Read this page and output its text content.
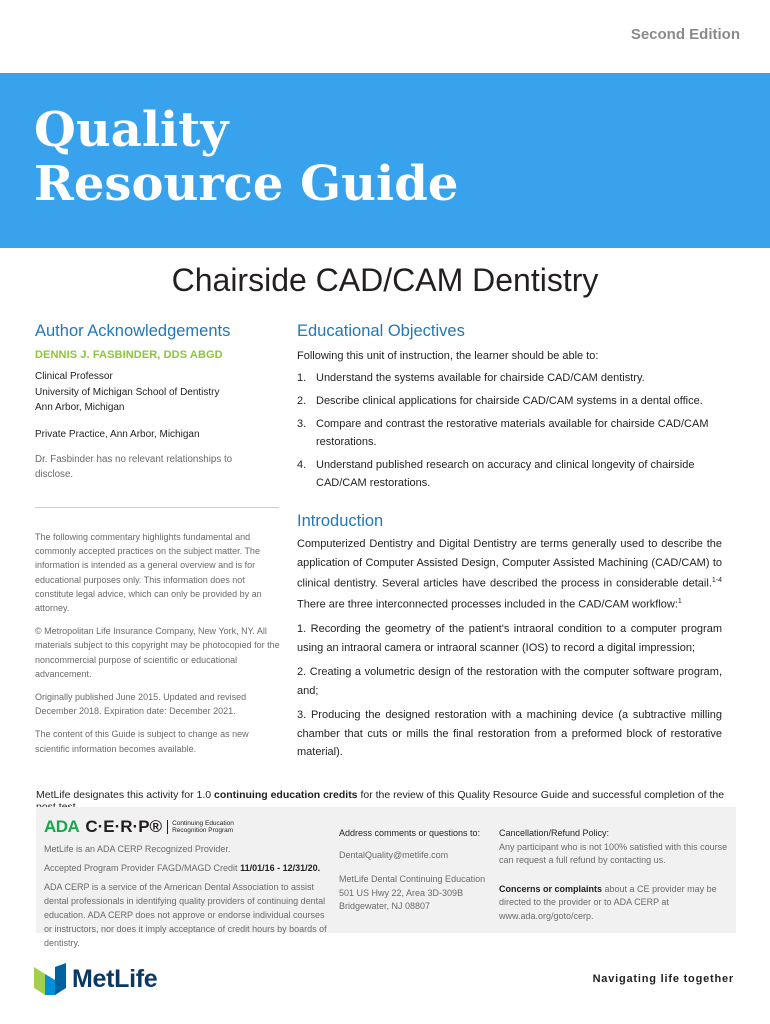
Second Edition
Quality
Resource Guide
Chairside CAD/CAM Dentistry
Author Acknowledgements
DENNIS J. FASBINDER, DDS ABGD
Clinical Professor
University of Michigan School of Dentistry
Ann Arbor, Michigan
Private Practice, Ann Arbor, Michigan
Dr. Fasbinder has no relevant relationships to disclose.

The following commentary highlights fundamental and commonly accepted practices on the subject matter. The information is intended as a general overview and is for educational purposes only. This information does not constitute legal advice, which can only be provided by an attorney.

© Metropolitan Life Insurance Company, New York, NY. All materials subject to this copyright may be photocopied for the noncommercial purpose of scientific or educational advancement.

Originally published June 2015. Updated and revised December 2018. Expiration date: December 2021.

The content of this Guide is subject to change as new scientific information becomes available.

Educational Objectives
Following this unit of instruction, the learner should be able to:
1. Understand the systems available for chairside CAD/CAM dentistry.
2. Describe clinical applications for chairside CAD/CAM systems in a dental office.
3. Compare and contrast the restorative materials available for chairside CAD/CAM restorations.
4. Understand published research on accuracy and clinical longevity of chairside CAD/CAM restorations.
Introduction

Computerized Dentistry and Digital Dentistry are terms generally used to describe the application of Computer Assisted Design, Computer Assisted Machining (CAD/CAM) to clinical dentistry. Several articles have described the process in considerable detail.$^{1-4}$ There are three interconnected processes included in the CAD/CAM workflow:$^1$

1. Recording the geometry of the patient's intraoral condition to a computer program using an intraoral camera or intraoral scanner (IOS) to record a digital impression;

2. Creating a volumetric design of the restoration with the computer software program, and;

3. Producing the designed restoration with a machining device (a subtractive milling chamber that cuts or mills the final restoration from a preformed block of restorative material).

MetLife designates this activity for 1.0 continuing education credits for the review of this Quality Resource Guide and successful completion of the
ADA C·E·R·P®	Continuing Education
Recognition Program

MetLife is an ADA CERP Recognized Provider.

Accepted Program Provider FAGD/MAGD Credit 11/01/16 - 12/31/20.

ADA CERP is a service of the American Dental Association to assist dental professionals in identifying quality providers of continuing dental education. ADA CERP does not approve or endorse individual courses or instructors, nor does it imply acceptance of credit hours by boards of dentistry.

Address comments or questions to:
DentalQuality@metlife.com
MetLife Dental Continuing Education
501 US Hwy 22, Area 3D-309B
Bridgewater, NJ 08807
Cancellation/Refund Policy:
Any participant who is not 100% satisfied with this course can request a full refund by contacting us.
Concerns or complaints about a CE provider may be directed to the provider or to ADA CERP at www.ada.org/goto/cerp.
MetLife	Navigating life together
